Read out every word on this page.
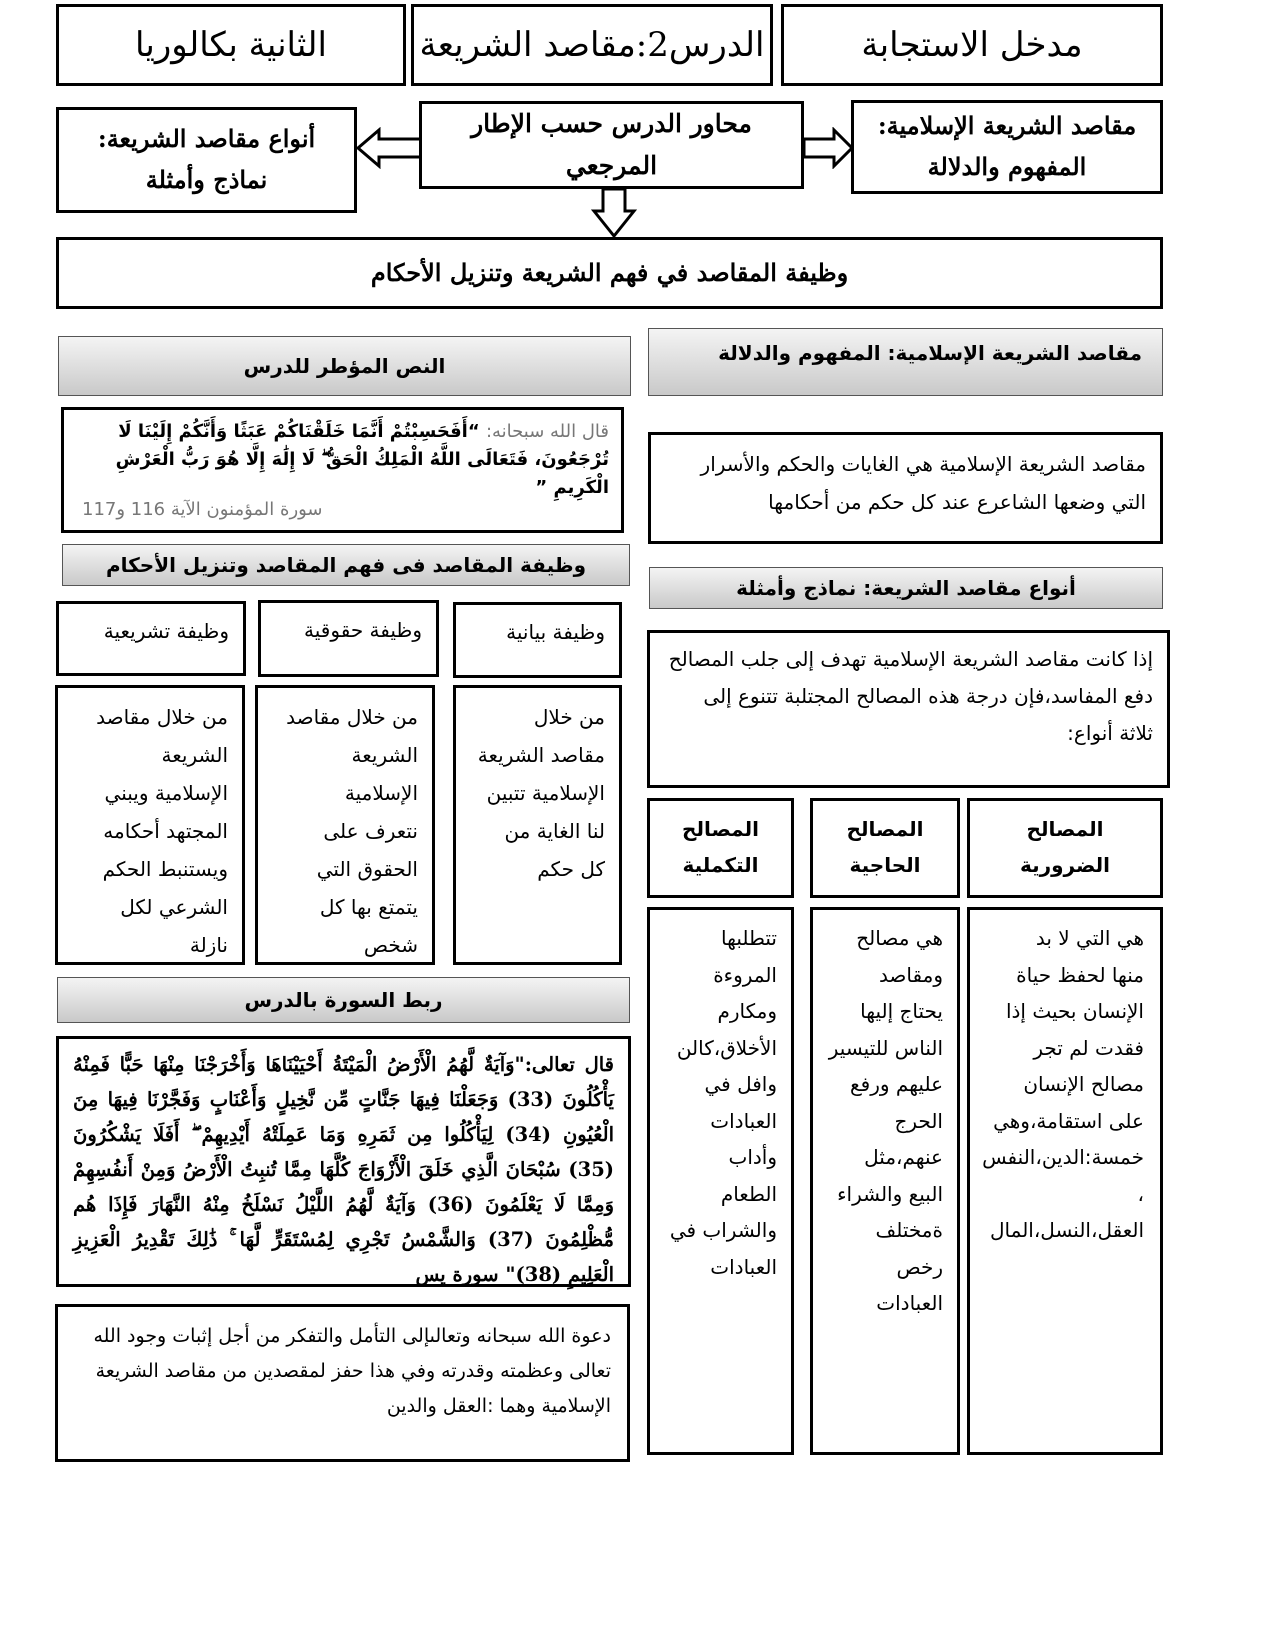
الثانية بكالوريا	الدرس2:مقاصد الشريعة	مدخل الاستجابة

أنواع مقاصد الشريعة:

نماذج وأمثلة

محاور الدرس حسب الإطار المرجعي

مقاصد الشريعة الإسلامية:

المفهوم والدلالة

وظيفة المقاصد في فهم الشريعة وتنزيل الأحكام
النص المؤطر للدرس

قال الله سبحانه: “أَفَحَسِبْتُمْ أَنَّمَا خَلَقْنَاكُمْ عَبَثًا وَأَنَّكُمْ إِلَيْنَا لَا تُرْجَعُونَ، فَتَعَالَى اللَّهُ الْمَلِكُ الْحَقُّ ۖ لَا إِلَٰهَ إِلَّا هُوَ رَبُّ الْعَرْشِ الْكَرِيمِ ”

سورة المؤمنون الآية 116 و117

مقاصد الشريعة الإسلامية: المفهوم والدلالة

مقاصد الشريعة الإسلامية هي الغايات والحكم والأسرار التي وضعها الشاعرع عند كل حكم من أحكامها

وظيفة المقاصد فى فهم المقاصد وتنزيل الأحكام
وظيفة بيانية
وظيفة حقوقية
وظيفة تشريعية

من خلال

مقاصد الشريعة

الإسلامية تتبين

لنا الغاية من

كل حكم

من خلال مقاصد

الشريعة

الإسلامية

نتعرف على

الحقوق التي

يتمتع بها كل

شخص

من خلال مقاصد

الشريعة

الإسلامية ويبني

المجتهد أحكامه

ويستنبط الحكم

الشرعي لكل

نازلة

أنواع مقاصد الشريعة: نماذج وأمثلة

إذا كانت مقاصد الشريعة الإسلامية تهدف إلى جلب المصالح دفع المفاسد،فإن درجة هذه المصالح المجتلبة تتنوع إلى ثلاثة أنواع:

المصالح

الضرورية

المصالح

الحاجية

المصالح

التكملية

هي التي لا بد

منها لحفظ حياة

الإنسان بحيث إذا

فقدت لم تجر

مصالح الإنسان

على استقامة،وهي

خمسة:الدين،النفس

،

العقل،النسل،المال

هي مصالح

ومقاصد

يحتاج إليها

الناس للتيسير

عليهم ورفع

الحرج

عنهم،مثل

البيع والشراء

ةمختلف

رخص

العبادات

تتطلبها

المروءة

ومكارم

الأخلاق،كالن

وافل في

العبادات

وأداب

الطعام

والشراب في

العبادات

ربط السورة بالدرس

قال تعالى:"وَآيَةٌ لَّهُمُ الْأَرْضُ الْمَيْتَةُ أَحْيَيْنَاهَا وَأَخْرَجْنَا مِنْهَا حَبًّا فَمِنْهُ يَأْكُلُونَ (33) وَجَعَلْنَا فِيهَا جَنَّاتٍ مِّن نَّخِيلٍ وَأَعْنَابٍ وَفَجَّرْنَا فِيهَا مِنَ الْعُيُونِ (34) لِيَأْكُلُوا مِن ثَمَرِهِ وَمَا عَمِلَتْهُ أَيْدِيهِمْ ۖ أَفَلَا يَشْكُرُونَ (35) سُبْحَانَ الَّذِي خَلَقَ الْأَزْوَاجَ كُلَّهَا مِمَّا تُنبِتُ الْأَرْضُ وَمِنْ أَنفُسِهِمْ وَمِمَّا لَا يَعْلَمُونَ (36) وَآيَةٌ لَّهُمُ اللَّيْلُ نَسْلَخُ مِنْهُ النَّهَارَ فَإِذَا هُم مُّظْلِمُونَ (37) وَالشَّمْسُ تَجْرِي لِمُسْتَقَرٍّ لَّهَا ۚ ذَٰلِكَ تَقْدِيرُ الْعَزِيزِ الْعَلِيمِ (38)" سورة يس

دعوة الله سبحانه وتعالىإلى التأمل والتفكر من أجل إثبات وجود الله تعالى وعظمته وقدرته وفي هذا حفز لمقصدين من مقاصد الشريعة الإسلامية وهما :العقل والدين
